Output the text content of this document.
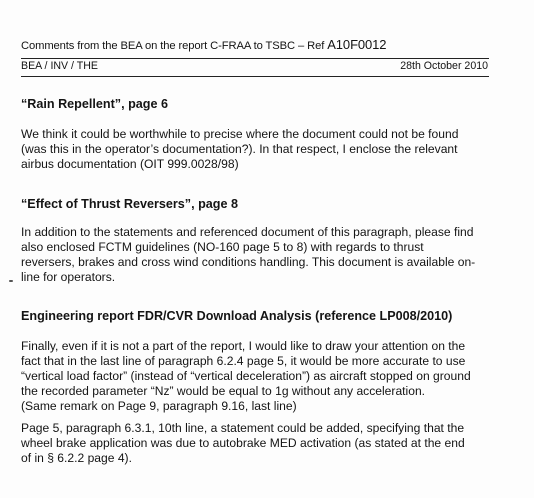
Comments from the BEA on the report C-FRAA to TSBC – Ref A10F0012
BEA / INV / THE	28th October 2010
“Rain Repellent”, page 6
We think it could be worthwhile to precise where the document could not be found
(was this in the operator’s documentation?). In that respect, I enclose the relevant
airbus documentation (OIT 999.0028/98)
“Effect of Thrust Reversers”, page 8
In addition to the statements and referenced document of this paragraph, please find
also enclosed FCTM guidelines (NO-160 page 5 to 8) with regards to thrust
reversers, brakes and cross wind conditions handling. This document is available on-
line for operators.
Engineering report FDR/CVR Download Analysis (reference LP008/2010)
Finally, even if it is not a part of the report, I would like to draw your attention on the
fact that in the last line of paragraph 6.2.4 page 5, it would be more accurate to use
“vertical load factor” (instead of “vertical deceleration”) as aircraft stopped on ground
the recorded parameter “Nz” would be equal to 1g without any acceleration.
(Same remark on Page 9, paragraph 9.16, last line)
Page 5, paragraph 6.3.1, 10th line, a statement could be added, specifying that the
wheel brake application was due to autobrake MED activation (as stated at the end
of in § 6.2.2 page 4).
